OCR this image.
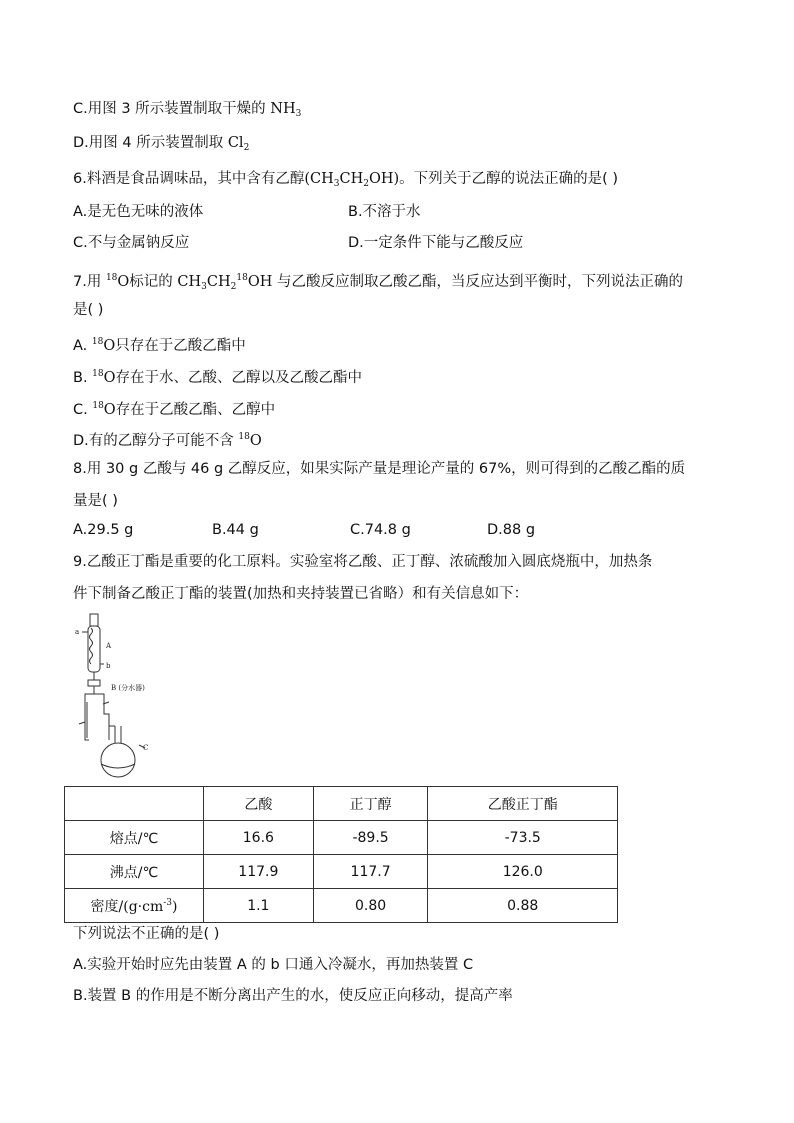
C.用图 3 所示装置制取干燥的 $NH_3$
D.用图 4 所示装置制取 $Cl_2$
6.料酒是食品调味品，其中含有乙醇$(CH_3CH_2OH)$。下列关于乙醇的说法正确的是( )
A.是无色无味的液体	B.不溶于水
C.不与金属钠反应	D.一定条件下能与乙酸反应
7.用 $^{18}$O标记的 $CH_3CH_2^{18}OH$ 与乙酸反应制取乙酸乙酯，当反应达到平衡时，下列说法正确的
是( )
A. $^{18}$O只存在于乙酸乙酯中
B. $^{18}$O存在于水、乙酸、乙醇以及乙酸乙酯中
C. $^{18}$O存在于乙酸乙酯、乙醇中
D.有的乙醇分子可能不含 $^{18}$O
8.用 30 g 乙酸与 46 g 乙醇反应，如果实际产量是理论产量的 67%，则可得到的乙酸乙酯的质
量是( )
A.29.5 g	B.44 g	C.74.8 g	D.88 g
9.乙酸正丁酯是重要的化工原料。实验室将乙酸、正丁醇、浓硫酸加入圆底烧瓶中，加热条
件下制备乙酸正丁酯的装置(加热和夹持装置已省略）和有关信息如下：
a
A
b
B (分水器)
C
	乙酸	正丁醇	乙酸正丁酯
熔点/℃	16.6	-89.5	-73.5
沸点/℃	117.9	117.7	126.0
密度$/(g\cdot cm^{-3})$	1.1	0.80	0.88
下列说法不正确的是( )
A.实验开始时应先由装置 A 的 b 口通入冷凝水，再加热装置 C
B.装置 B 的作用是不断分离出产生的水，使反应正向移动，提高产率
